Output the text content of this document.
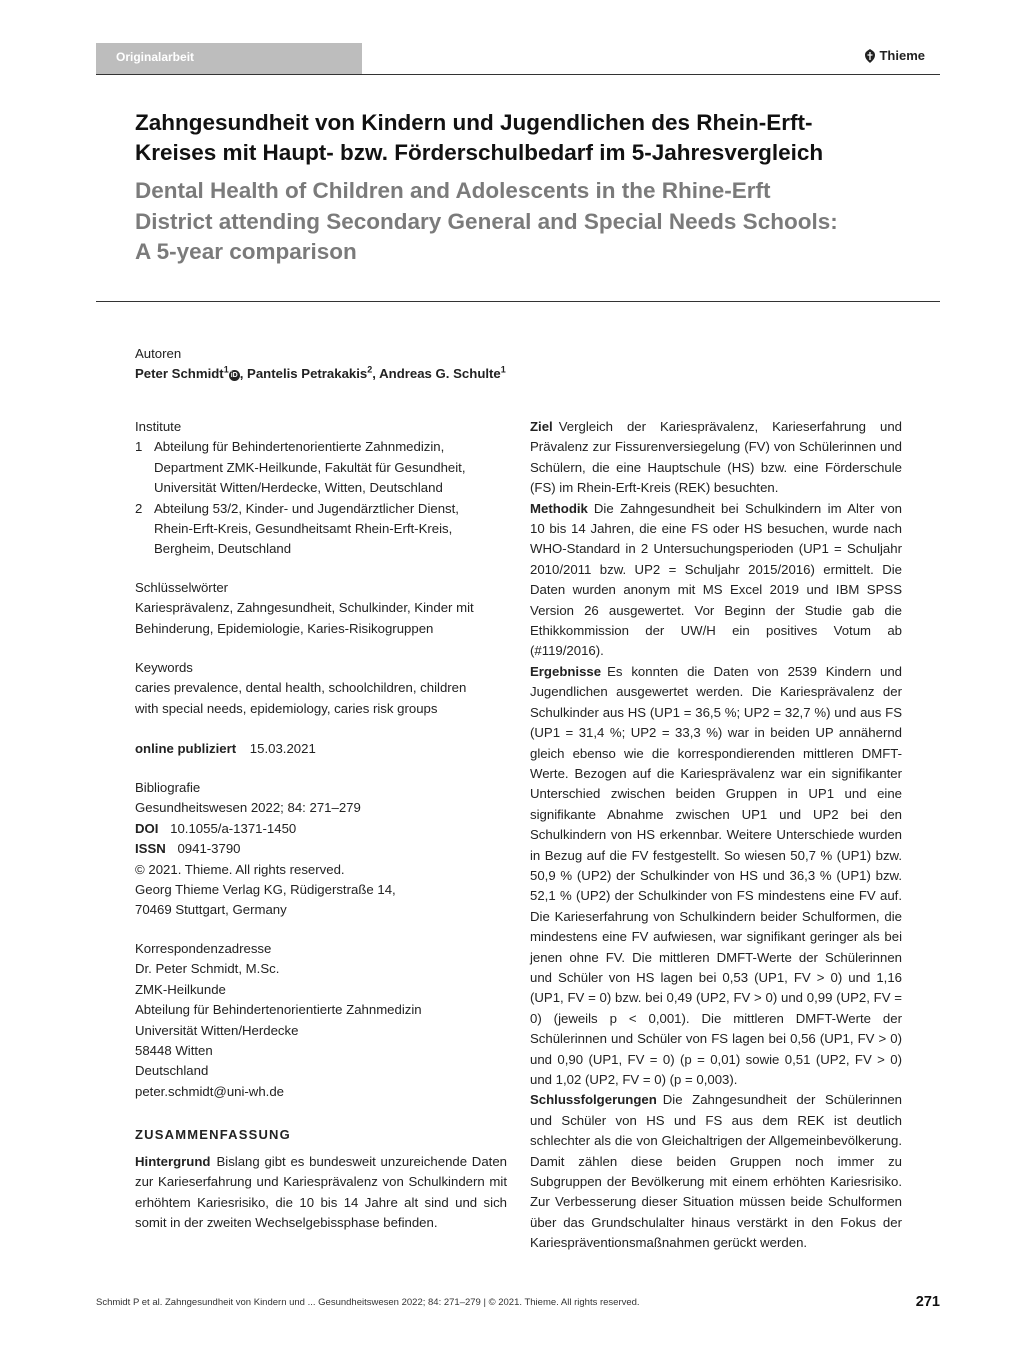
Originalarbeit	Thieme
Zahngesundheit von Kindern und Jugendlichen des Rhein-Erft-
Kreises mit Haupt- bzw. Förderschulbedarf im 5-Jahresvergleich
Dental Health of Children and Adolescents in the Rhine-Erft
District attending Secondary General and Special Needs Schools:
A 5-year comparison
Autoren
Peter Schmidt$^1$iD , Pantelis Petrakakis$^2$, Andreas G. Schulte$^1$
Institute
1 Abteilung für Behindertenorientierte Zahnmedizin,
Department ZMK-Heilkunde, Fakultät für Gesundheit,
Universität Witten/Herdecke, Witten, Deutschland
2 Abteilung 53/2, Kinder- und Jugendärztlicher Dienst,
Rhein-Erft-Kreis, Gesundheitsamt Rhein-Erft-Kreis,
Bergheim, Deutschland
Schlüsselwörter
Kariesprävalenz, Zahngesundheit, Schulkinder, Kinder mit
Behinderung, Epidemiologie, Karies-Risikogruppen
Keywords
caries prevalence, dental health, schoolchildren, children
with special needs, epidemiology, caries risk groups
online publiziert 15.03.2021
Bibliografie
Gesundheitswesen 2022; 84: 271–279
DOI 10.1055/a-1371-1450
ISSN 0941-3790
© 2021. Thieme. All rights reserved.
Georg Thieme Verlag KG, Rüdigerstraße 14,
70469 Stuttgart, Germany
Korrespondenzadresse
Dr. Peter Schmidt, M.Sc.
ZMK-Heilkunde
Abteilung für Behindertenorientierte Zahnmedizin
Universität Witten/Herdecke
58448 Witten
Deutschland
peter.schmidt@uni-wh.de
ZUSAMMENFASSUNG

Hintergrund Bislang gibt es bundesweit unzureichende Daten zur Karieserfahrung und Kariesprävalenz von Schulkindern mit erhöhtem Kariesrisiko, die 10 bis 14 Jahre alt sind und sich somit in der zweiten Wechselgebissphase befinden.

Ziel Vergleich der Kariesprävalenz, Karieserfahrung und Prävalenz zur Fissurenversiegelung (FV) von Schülerinnen und Schülern, die eine Hauptschule (HS) bzw. eine Förderschule (FS) im Rhein-Erft-Kreis (REK) besuchten.

Methodik Die Zahngesundheit bei Schulkindern im Alter von 10 bis 14 Jahren, die eine FS oder HS besuchen, wurde nach WHO-Standard in 2 Untersuchungsperioden (UP1 = Schuljahr 2010/2011 bzw. UP2 = Schuljahr 2015/2016) ermittelt. Die Daten wurden anonym mit MS Excel 2019 und IBM SPSS Version 26 ausgewertet. Vor Beginn der Studie gab die Ethikkommission der UW/H ein positives Votum ab (#119/2016).

Ergebnisse Es konnten die Daten von 2539 Kindern und Jugendlichen ausgewertet werden. Die Kariesprävalenz der Schulkinder aus HS (UP1 = 36,5 %; UP2 = 32,7 %) und aus FS (UP1 = 31,4 %; UP2 = 33,3 %) war in beiden UP annähernd gleich ebenso wie die korrespondierenden mittleren DMFT-Werte. Bezogen auf die Kariesprävalenz war ein signifikanter Unterschied zwischen beiden Gruppen in UP1 und eine signifikante Abnahme zwischen UP1 und UP2 bei den Schulkindern von HS erkennbar. Weitere Unterschiede wurden in Bezug auf die FV festgestellt. So wiesen 50,7 % (UP1) bzw. 50,9 % (UP2) der Schulkinder von HS und 36,3 % (UP1) bzw. 52,1 % (UP2) der Schulkinder von FS mindestens eine FV auf. Die Karieserfahrung von Schulkindern beider Schulformen, die mindestens eine FV aufwiesen, war signifikant geringer als bei jenen ohne FV. Die mittleren DMFT-Werte der Schülerinnen und Schüler von HS lagen bei 0,53 (UP1, FV > 0) und 1,16 (UP1, FV = 0) bzw. bei 0,49 (UP2, FV > 0) und 0,99 (UP2, FV = 0) (jeweils p < 0,001). Die mittleren DMFT-Werte der Schülerinnen und Schüler von FS lagen bei 0,56 (UP1, FV > 0) und 0,90 (UP1, FV = 0) (p = 0,01) sowie 0,51 (UP2, FV > 0) und 1,02 (UP2, FV = 0) (p = 0,003).

Schlussfolgerungen Die Zahngesundheit der Schülerinnen und Schüler von HS und FS aus dem REK ist deutlich schlechter als die von Gleichaltrigen der Allgemeinbevölkerung. Damit zählen diese beiden Gruppen noch immer zu Subgruppen der Bevölkerung mit einem erhöhten Kariesrisiko. Zur Verbesserung dieser Situation müssen beide Schulformen über das Grundschulalter hinaus verstärkt in den Fokus der Kariespräventionsmaßnahmen gerückt werden.

Schmidt P et al. Zahngesundheit von Kindern und ... Gesundheitswesen 2022; 84: 271–279 | © 2021. Thieme. All rights reserved.	271
